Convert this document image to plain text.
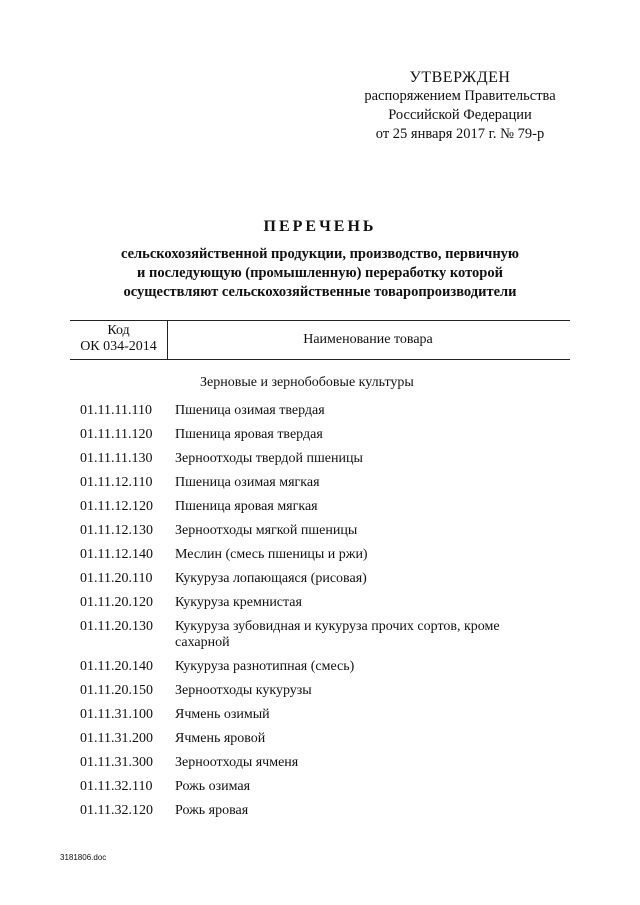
УТВЕРЖДЕН
распоряжением Правительства
Российской Федерации
от 25 января 2017 г. № 79-р
ПЕРЕЧЕНЬ
сельскохозяйственной продукции, производство, первичную
и последующую (промышленную) переработку которой
осуществляют сельскохозяйственные товаропроизводители
Код
ОК 034-2014	Наименование товара
Зерновые и зернобобовые культуры
01.11.11.110	Пшеница озимая твердая
01.11.11.120	Пшеница яровая твердая
01.11.11.130	Зерноотходы твердой пшеницы
01.11.12.110	Пшеница озимая мягкая
01.11.12.120	Пшеница яровая мягкая
01.11.12.130	Зерноотходы мягкой пшеницы
01.11.12.140	Меслин (смесь пшеницы и ржи)
01.11.20.110	Кукуруза лопающаяся (рисовая)
01.11.20.120	Кукуруза кремнистая
01.11.20.130	Кукуруза зубовидная и кукуруза прочих сортов, кроме сахарной
01.11.20.140	Кукуруза разнотипная (смесь)
01.11.20.150	Зерноотходы кукурузы
01.11.31.100	Ячмень озимый
01.11.31.200	Ячмень яровой
01.11.31.300	Зерноотходы ячменя
01.11.32.110	Рожь озимая
01.11.32.120	Рожь яровая
3181806.doc
